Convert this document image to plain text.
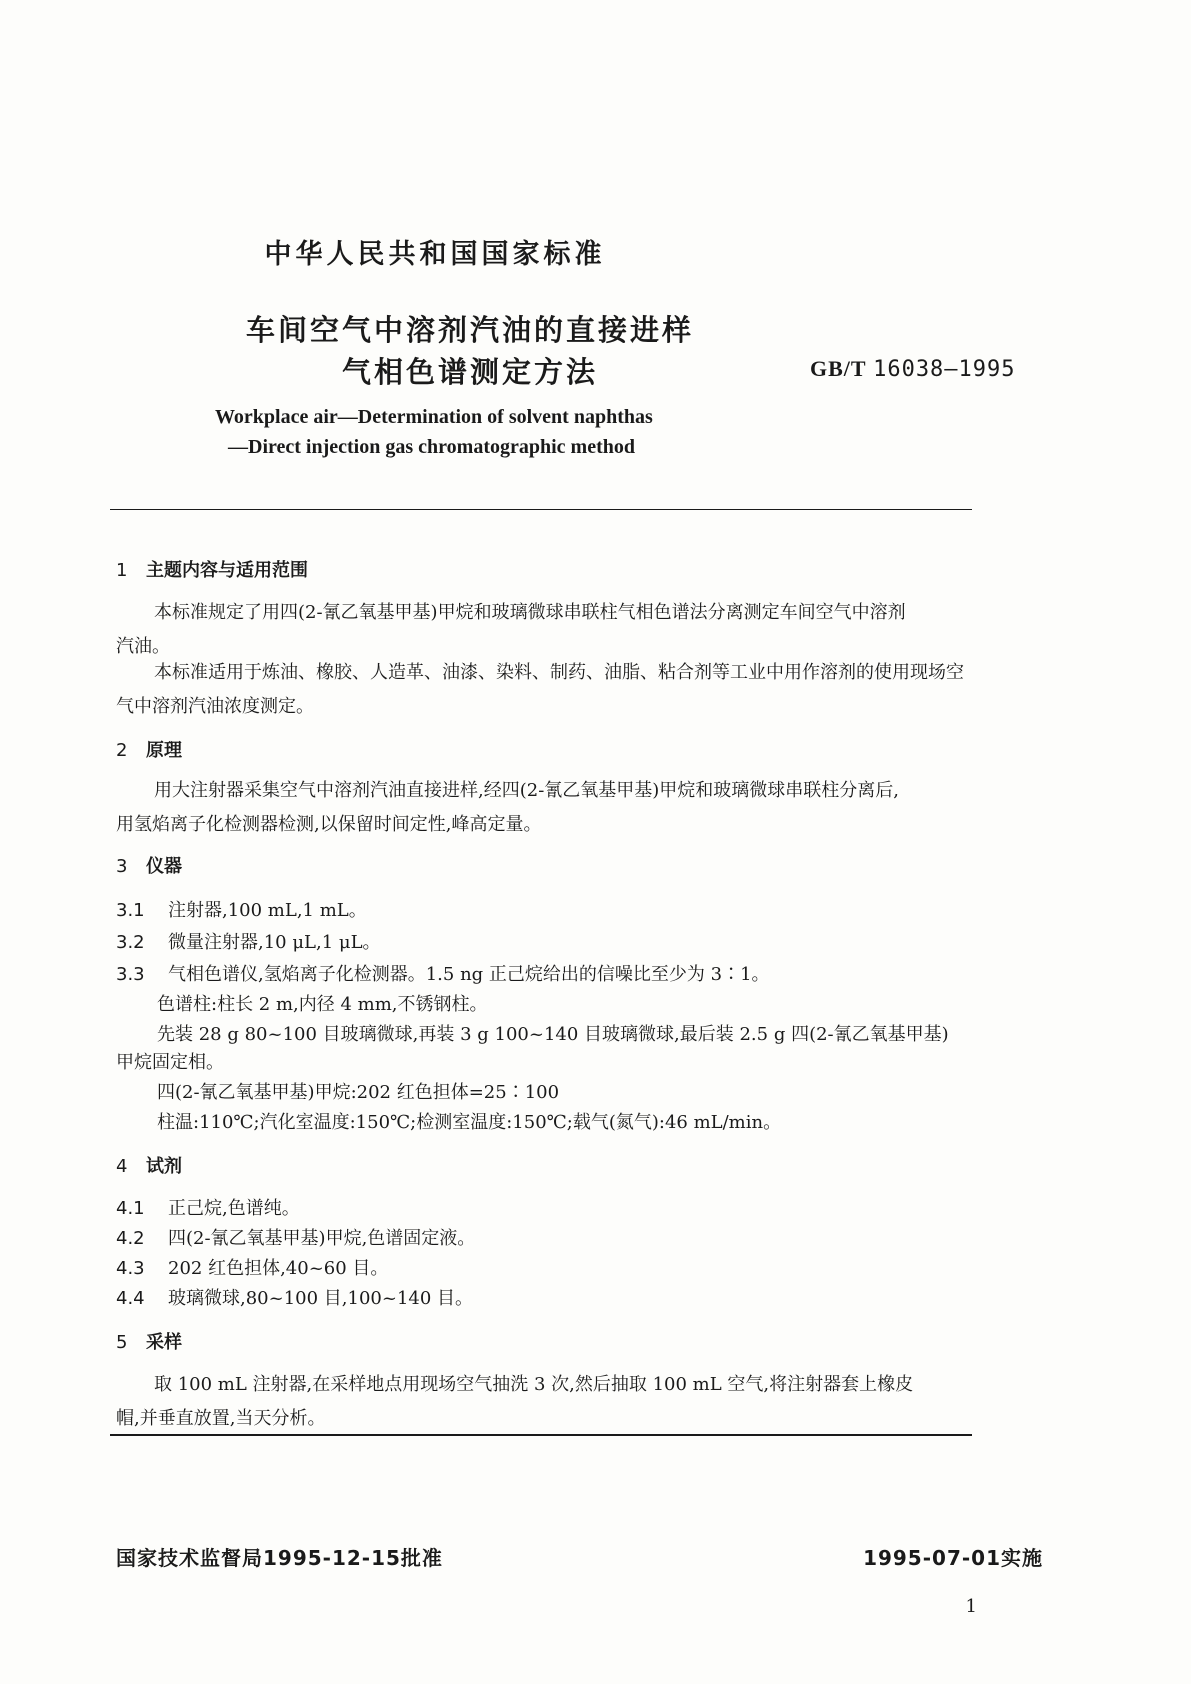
中华人民共和国国家标准
车间空气中溶剂汽油的直接进样
气相色谱测定方法	GB/T 16038—1995
Workplace air—Determination of solvent naphthas
—Direct injection gas chromatographic method
1 主题内容与适用范围
本标准规定了用四(2-氰乙氧基甲基)甲烷和玻璃微球串联柱气相色谱法分离测定车间空气中溶剂
汽油。
本标准适用于炼油、橡胶、人造革、油漆、染料、制药、油脂、粘合剂等工业中用作溶剂的使用现场空
气中溶剂汽油浓度测定。
2 原理
用大注射器采集空气中溶剂汽油直接进样,经四(2-氰乙氧基甲基)甲烷和玻璃微球串联柱分离后,
用氢焰离子化检测器检测,以保留时间定性,峰高定量。
3 仪器
3.1 注射器,100 mL,1 mL。
3.2 微量注射器,10 μL,1 μL。
3.3 气相色谱仪,氢焰离子化检测器。1.5 ng 正己烷给出的信噪比至少为 3∶1。
色谱柱:柱长 2 m,内径 4 mm,不锈钢柱。
先装 28 g 80~100 目玻璃微球,再装 3 g 100~140 目玻璃微球,最后装 2.5 g 四(2-氰乙氧基甲基)
甲烷固定相。
四(2-氰乙氧基甲基)甲烷:202 红色担体=25∶100
柱温:110℃;汽化室温度:150℃;检测室温度:150℃;载气(氮气):46 mL/min。
4 试剂
4.1 正己烷,色谱纯。
4.2 四(2-氰乙氧基甲基)甲烷,色谱固定液。
4.3 202 红色担体,40~60 目。
4.4 玻璃微球,80~100 目,100~140 目。
5 采样
取 100 mL 注射器,在采样地点用现场空气抽洗 3 次,然后抽取 100 mL 空气,将注射器套上橡皮
帽,并垂直放置,当天分析。
国家技术监督局1995-12-15批准	1995-07-01实施
1
